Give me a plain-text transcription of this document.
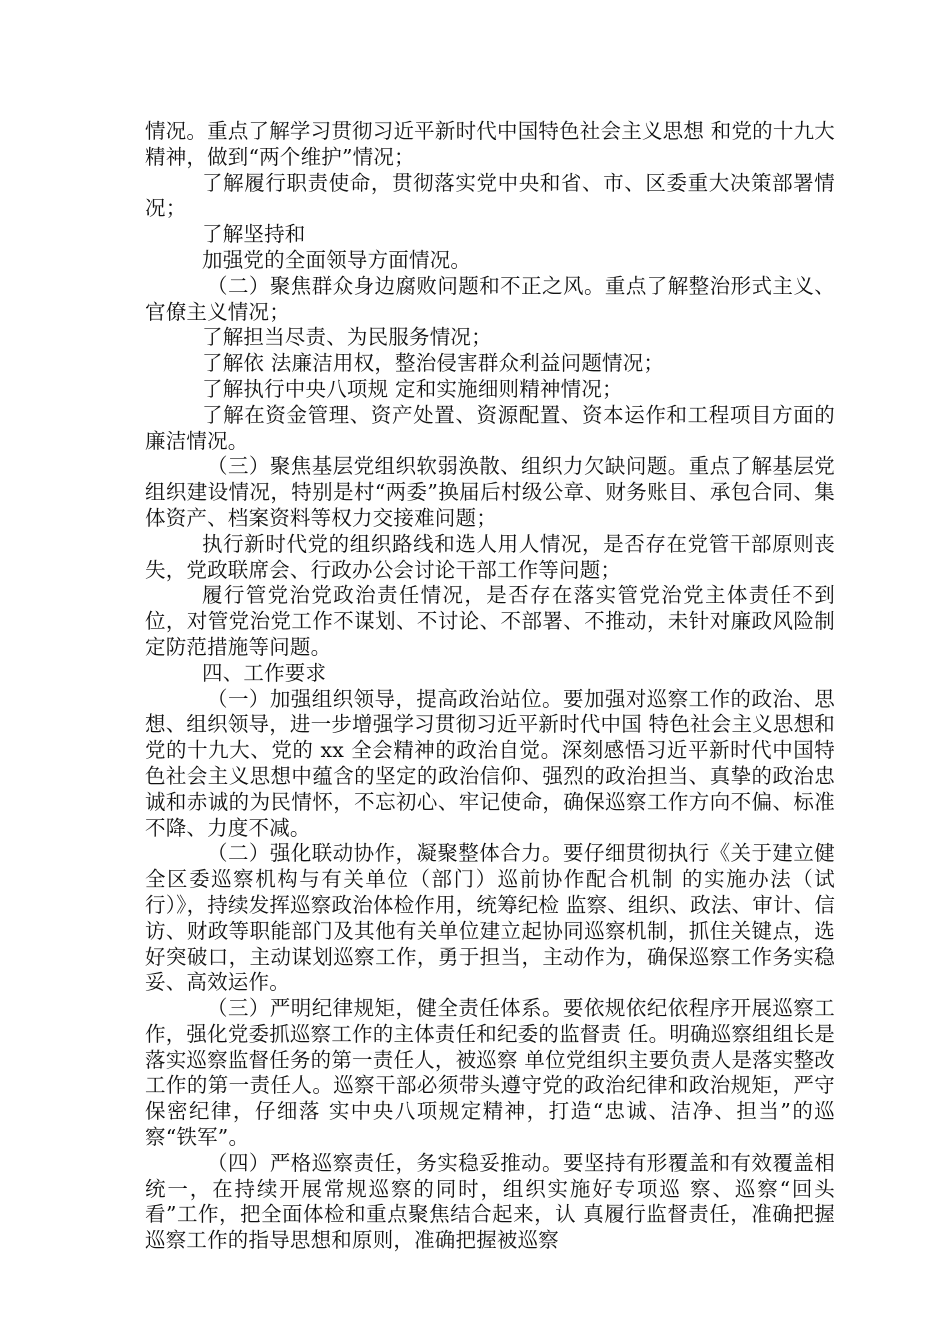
情况。重点了解学习贯彻习近平新时代中国特色社会主义思想 和党的十九大精神，做到“两个维护”情况；

了解履行职责使命，贯彻落实党中央和省、市、区委重大决策部署情况；

了解坚持和

加强党的全面领导方面情况。

（二）聚焦群众身边腐败问题和不正之风。重点了解整治形式主义、官僚主义情况；

了解担当尽责、为民服务情况；

了解依 法廉洁用权，整治侵害群众利益问题情况；

了解执行中央八项规 定和实施细则精神情况；

了解在资金管理、资产处置、资源配置、资本运作和工程项目方面的廉洁情况。

（三）聚焦基层党组织软弱涣散、组织力欠缺问题。重点了解基层党组织建设情况，特别是村“两委”换届后村级公章、财务账目、承包合同、集体资产、档案资料等权力交接难问题；

执行新时代党的组织路线和选人用人情况，是否存在党管干部原则丧失，党政联席会、行政办公会讨论干部工作等问题；

履行管党治党政治责任情况，是否存在落实管党治党主体责任不到位，对管党治党工作不谋划、不讨论、不部署、不推动，未针对廉政风险制定防范措施等问题。

四、工作要求

（一）加强组织领导，提高政治站位。要加强对巡察工作的政治、思想、组织领导，进一步增强学习贯彻习近平新时代中国 特色社会主义思想和党的十九大、党的 xx 全会精神的政治自觉。深刻感悟习近平新时代中国特色社会主义思想中蕴含的坚定的政治信仰、强烈的政治担当、真挚的政治忠诚和赤诚的为民情怀，不忘初心、牢记使命，确保巡察工作方向不偏、标准不降、力度不减。

（二）强化联动协作，凝聚整体合力。要仔细贯彻执行《关于建立健全区委巡察机构与有关单位（部门）巡前协作配合机制 的实施办法（试行）》，持续发挥巡察政治体检作用，统筹纪检 监察、组织、政法、审计、信访、财政等职能部门及其他有关单位建立起协同巡察机制，抓住关键点，选好突破口，主动谋划巡察工作，勇于担当，主动作为，确保巡察工作务实稳妥、高效运作。

（三）严明纪律规矩，健全责任体系。要依规依纪依程序开展巡察工作，强化党委抓巡察工作的主体责任和纪委的监督责 任。明确巡察组组长是落实巡察监督任务的第一责任人，被巡察 单位党组织主要负责人是落实整改工作的第一责任人。巡察干部必须带头遵守党的政治纪律和政治规矩，严守保密纪律，仔细落 实中央八项规定精神，打造“忠诚、洁净、担当”的巡察“铁军”。

（四）严格巡察责任，务实稳妥推动。要坚持有形覆盖和有效覆盖相统一，在持续开展常规巡察的同时，组织实施好专项巡 察、巡察“回头看”工作，把全面体检和重点聚焦结合起来，认 真履行监督责任，准确把握巡察工作的指导思想和原则，准确把握被巡察
